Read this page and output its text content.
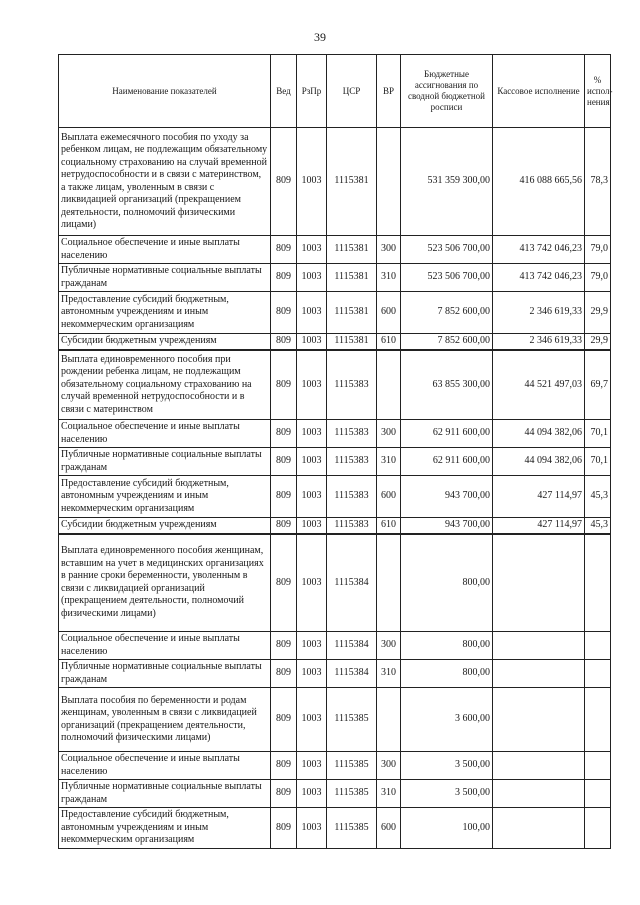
39
Наименование показателей	Вед	РзПр	ЦСР	ВР	Бюджетные ассигнования по сводной бюджетной росписи	Кассовое исполнение	% испол-нения
Выплата ежемесячного пособия по уходу за ребенком лицам, не подлежащим обязательному социальному страхованию на случай временной нетрудоспособности и в связи с материнством, а также лицам, уволенным в связи с ликвидацией организаций (прекращением деятельности, полномочий физическими лицами)	809	1003	1115381		531 359 300,00	416 088 665,56	78,3
Социальное обеспечение и иные выплаты населению	809	1003	1115381	300	523 506 700,00	413 742 046,23	79,0
Публичные нормативные социальные выплаты гражданам	809	1003	1115381	310	523 506 700,00	413 742 046,23	79,0
Предоставление субсидий бюджетным, автономным учреждениям и иным некоммерческим организациям	809	1003	1115381	600	7 852 600,00	2 346 619,33	29,9
Субсидии бюджетным учреждениям	809	1003	1115381	610	7 852 600,00	2 346 619,33	29,9
Выплата единовременного пособия при рождении ребенка лицам, не подлежащим обязательному социальному страхованию на случай временной нетрудоспособности и в связи с материнством	809	1003	1115383		63 855 300,00	44 521 497,03	69,7
Социальное обеспечение и иные выплаты населению	809	1003	1115383	300	62 911 600,00	44 094 382,06	70,1
Публичные нормативные социальные выплаты гражданам	809	1003	1115383	310	62 911 600,00	44 094 382,06	70,1
Предоставление субсидий бюджетным, автономным учреждениям и иным некоммерческим организациям	809	1003	1115383	600	943 700,00	427 114,97	45,3
Субсидии бюджетным учреждениям	809	1003	1115383	610	943 700,00	427 114,97	45,3
Выплата единовременного пособия женщинам, вставшим на учет в медицинских организациях в ранние сроки беременности, уволенным в связи с ликвидацией организаций (прекращением деятельности, полномочий физическими лицами)	809	1003	1115384		800,00		
Социальное обеспечение и иные выплаты населению	809	1003	1115384	300	800,00		
Публичные нормативные социальные выплаты гражданам	809	1003	1115384	310	800,00		
Выплата пособия по беременности и родам женщинам, уволенным в связи с ликвидацией организаций (прекращением деятельности, полномочий физическими лицами)	809	1003	1115385		3 600,00		
Социальное обеспечение и иные выплаты населению	809	1003	1115385	300	3 500,00		
Публичные нормативные социальные выплаты гражданам	809	1003	1115385	310	3 500,00		
Предоставление субсидий бюджетным, автономным учреждениям и иным некоммерческим организациям	809	1003	1115385	600	100,00		
